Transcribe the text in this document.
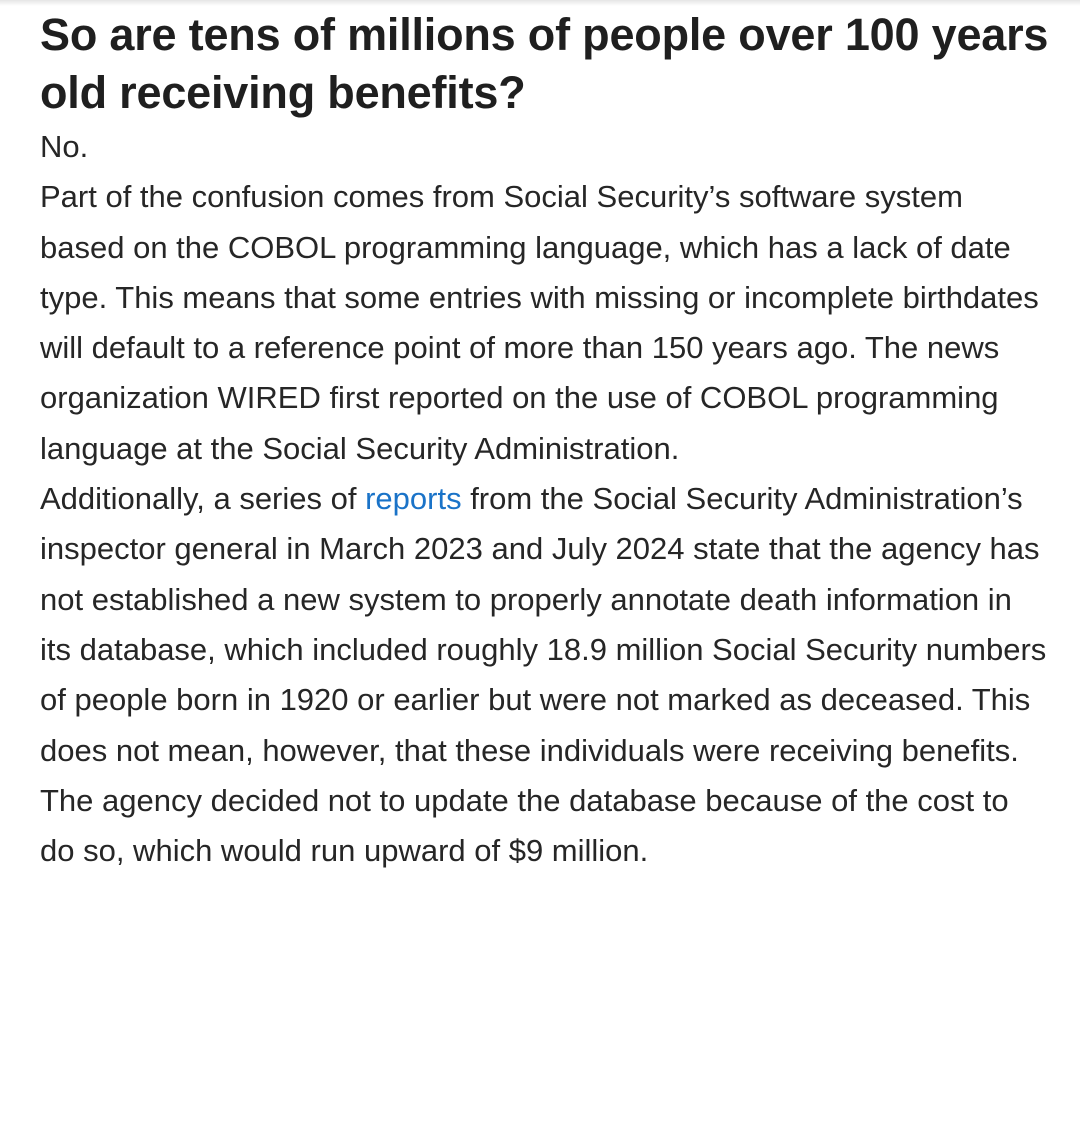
So are tens of millions of people over 100 years old receiving benefits?

No.

Part of the confusion comes from Social Security’s software system based on the COBOL programming language, which has a lack of date type. This means that some entries with missing or incomplete birthdates will default to a reference point of more than 150 years ago. The news organization WIRED first reported on the use of COBOL programming language at the Social Security Administration.

Additionally, a series of reports from the Social Security Administration’s inspector general in March 2023 and July 2024 state that the agency has not established a new system to properly annotate death information in its database, which included roughly 18.9 million Social Security numbers of people born in 1920 or earlier but were not marked as deceased. This does not mean, however, that these individuals were receiving benefits.

The agency decided not to update the database because of the cost to do so, which would run upward of $9 million.
